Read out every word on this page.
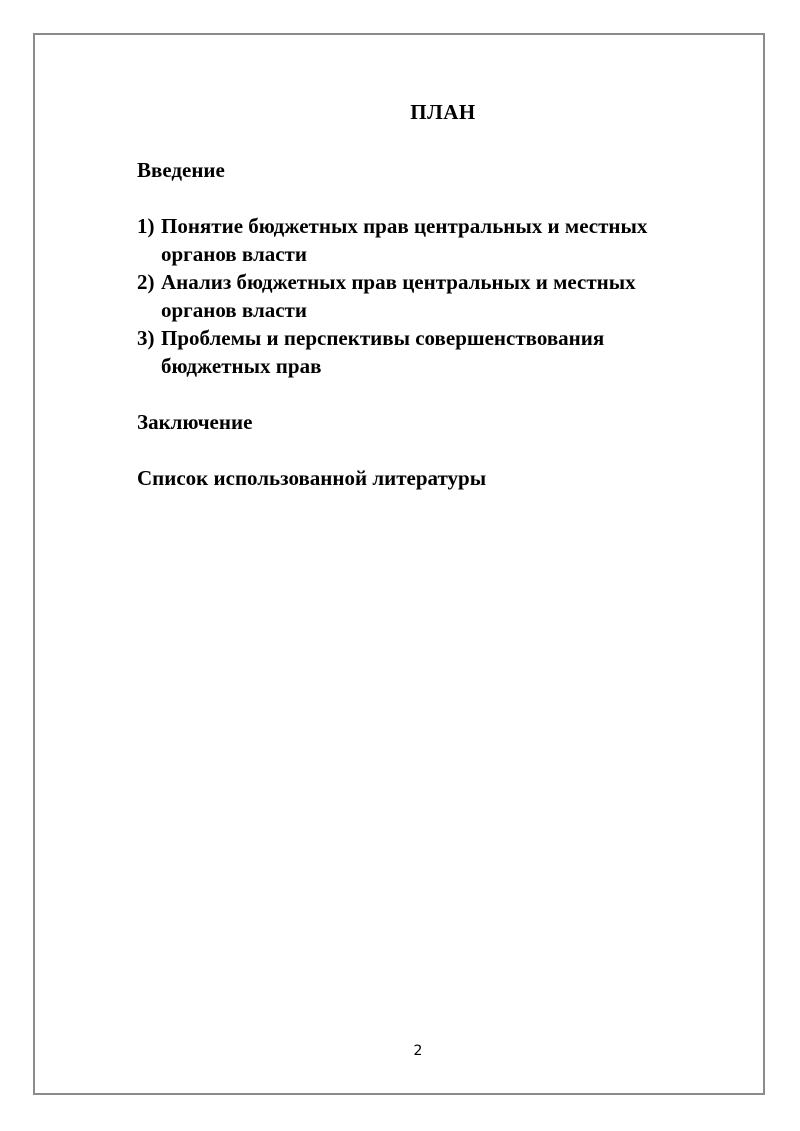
ПЛАН
Введение
1) Понятие бюджетных прав центральных и местных
органов власти
2) Анализ бюджетных прав центральных и местных
органов власти
3) Проблемы и перспективы совершенствования
бюджетных прав
Заключение
Список использованной литературы
2
